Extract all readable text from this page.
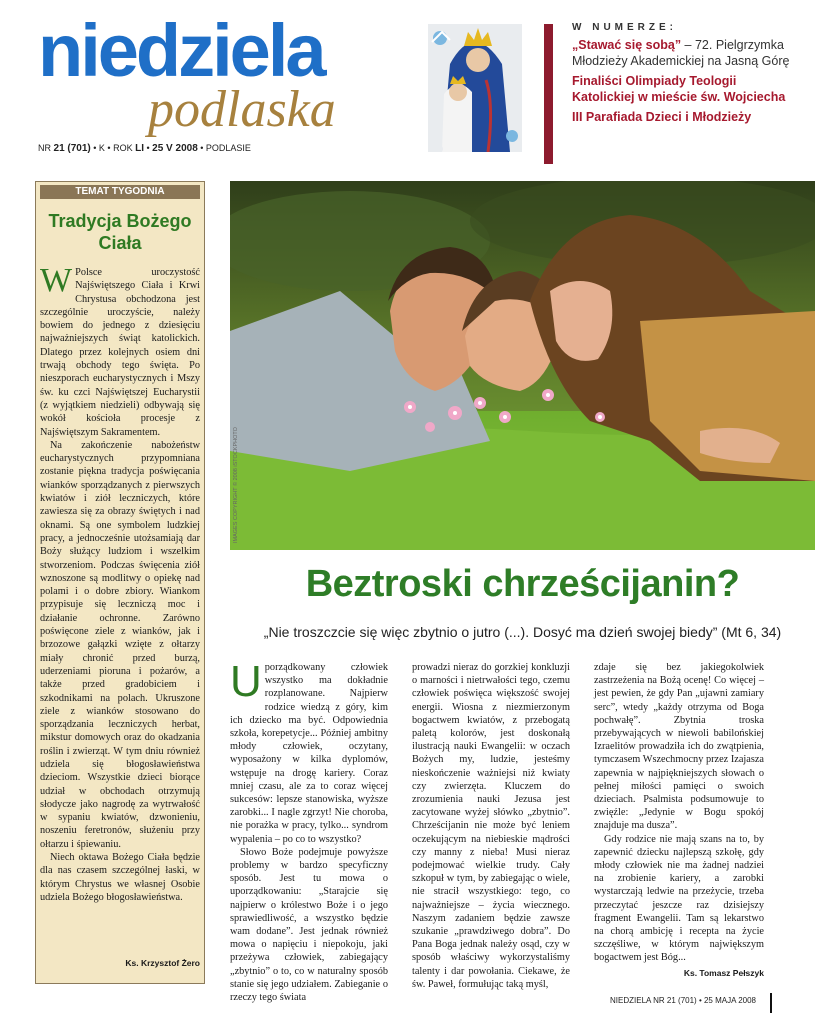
niedziela
podlaska
NR 21 (701) • K • ROK LI • 25 V 2008 • PODLASIE
W NUMERZE:
„Stawać się sobą” – 72. Pielgrzymka Młodzieży Akademickiej na Jasną Górę
Finaliści Olimpiady Teologii Katolickiej w mieście św. Wojciecha
III Parafiada Dzieci i Młodzieży
TEMAT TYGODNIA
Tradycja Bożego Ciała

W Polsce uroczystość Najświętszego Ciała i Krwi Chrystusa obchodzona jest szczególnie uroczyście, należy bowiem do jednego z dziesięciu najważniejszych świąt katolickich. Dlatego przez kolejnych osiem dni trwają obchody tego święta. Po nieszporach eucharystycznych i Mszy św. ku czci Najświętszej Eucharystii (z wyjątkiem niedzieli) odbywają się wokół kościoła procesje z Najświętszym Sakramentem.

Na zakończenie nabożeństw eucharystycznych przypomniana zostanie piękna tradycja poświęcania wianków sporządzanych z pierwszych kwiatów i ziół leczniczych, które zawiesza się za obrazy świętych i nad oknami. Są one symbolem ludzkiej pracy, a jednocześnie utożsamiają dar Boży służący ludziom i wszelkim stworzeniom. Podczas święcenia ziół wznoszone są modlitwy o opiekę nad polami i o dobre zbiory. Wiankom przypisuje się leczniczą moc i działanie ochronne. Zarówno poświęcone ziele z wianków, jak i brzozowe gałązki wzięte z ołtarzy miały chronić przed burzą, uderzeniami pioruna i pożarów, a także przed gradobiciem i szkodnikami na polach. Ukruszone ziele z wianków stosowano do sporządzania leczniczych herbat, mikstur domowych oraz do okadzania roślin i zwierząt. W tym dniu również udziela się błogosławieństwa dzieciom. Wszystkie dzieci biorące udział w obchodach otrzymują słodycze jako nagrodę za wytrwałość w sypaniu kwiatów, dzwonieniu, noszeniu feretronów, służeniu przy ołtarzu i śpiewaniu.

Niech oktawa Bożego Ciała będzie dla nas czasem szczególnej łaski, w którym Chrystus we własnej Osobie udziela Bożego błogosławieństwa.

Ks. Krzysztof Żero
IMAGES COPYRIGHT © 2008 iSTOCKPHOTO
Beztroski chrześcijanin?
„Nie troszczcie się więc zbytnio o jutro (...). Dosyć ma dzień swojej biedy” (Mt 6, 34)

Uporządkowany człowiek wszystko ma dokładnie rozplanowane. Najpierw rodzice wiedzą z góry, kim ich dziecko ma być. Odpowiednia szkoła, korepetycje... Później ambitny młody człowiek, oczytany, wyposażony w kilka dyplomów, wstępuje na drogę kariery. Coraz mniej czasu, ale za to coraz więcej sukcesów: lepsze stanowiska, wyższe zarobki... I nagle zgrzyt! Nie choroba, nie porażka w pracy, tylko... syndrom wypalenia – po co to wszystko?

Słowo Boże podejmuje powyższe problemy w bardzo specyficzny sposób. Jest tu mowa o uporządkowaniu: „Starajcie się najpierw o królestwo Boże i o jego sprawiedliwość, a wszystko będzie wam dodane”. Jest jednak również mowa o napięciu i niepokoju, jaki przeżywa człowiek, zabiegający „zbytnio” o to, co w naturalny sposób stanie się jego udziałem. Zabieganie o rzeczy tego świata

prowadzi nieraz do gorzkiej konkluzji o marności i nietrwałości tego, czemu człowiek poświęca większość swojej energii. Wiosna z niezmierzonym bogactwem kwiatów, z przebogatą paletą kolorów, jest doskonałą ilustracją nauki Ewangelii: w oczach Bożych my, ludzie, jesteśmy nieskończenie ważniejsi niż kwiaty czy zwierzęta. Kluczem do zrozumienia nauki Jezusa jest zacytowane wyżej słówko „zbytnio”. Chrześcijanin nie może być leniem oczekującym na niebieskie mądrości czy manny z nieba! Musi nieraz podejmować wielkie trudy. Cały szkopuł w tym, by zabiegając o wiele, nie stracił wszystkiego: tego, co najważniejsze – życia wiecznego. Naszym zadaniem będzie zawsze szukanie „prawdziwego dobra”. Do Pana Boga jednak należy osąd, czy w sposób właściwy wykorzystaliśmy talenty i dar powołania. Ciekawe, że św. Paweł, formułując taką myśl,

zdaje się bez jakiegokolwiek zastrzeżenia na Bożą ocenę! Co więcej – jest pewien, że gdy Pan „ujawni zamiary serc”, wtedy „każdy otrzyma od Boga pochwałę”. Zbytnia troska przebywających w niewoli babilońskiej Izraelitów prowadziła ich do zwątpienia, tymczasem Wszechmocny przez Izajasza zapewnia w najpiękniejszych słowach o pełnej miłości pamięci o swoich dzieciach. Psalmista podsumowuje to zwięźle: „Jedynie w Bogu spokój znajduje ma dusza”.

Gdy rodzice nie mają szans na to, by zapewnić dziecku najlepszą szkołę, gdy młody człowiek nie ma żadnej nadziei na zrobienie kariery, a zarobki wystarczają ledwie na przeżycie, trzeba przeczytać jeszcze raz dzisiejszy fragment Ewangelii. Tam są lekarstwo na chorą ambicję i recepta na życie szczęśliwe, w którym największym bogactwem jest Bóg...

Ks. Tomasz Pełszyk
NIEDZIELA NR 21 (701) • 25 MAJA 2008
